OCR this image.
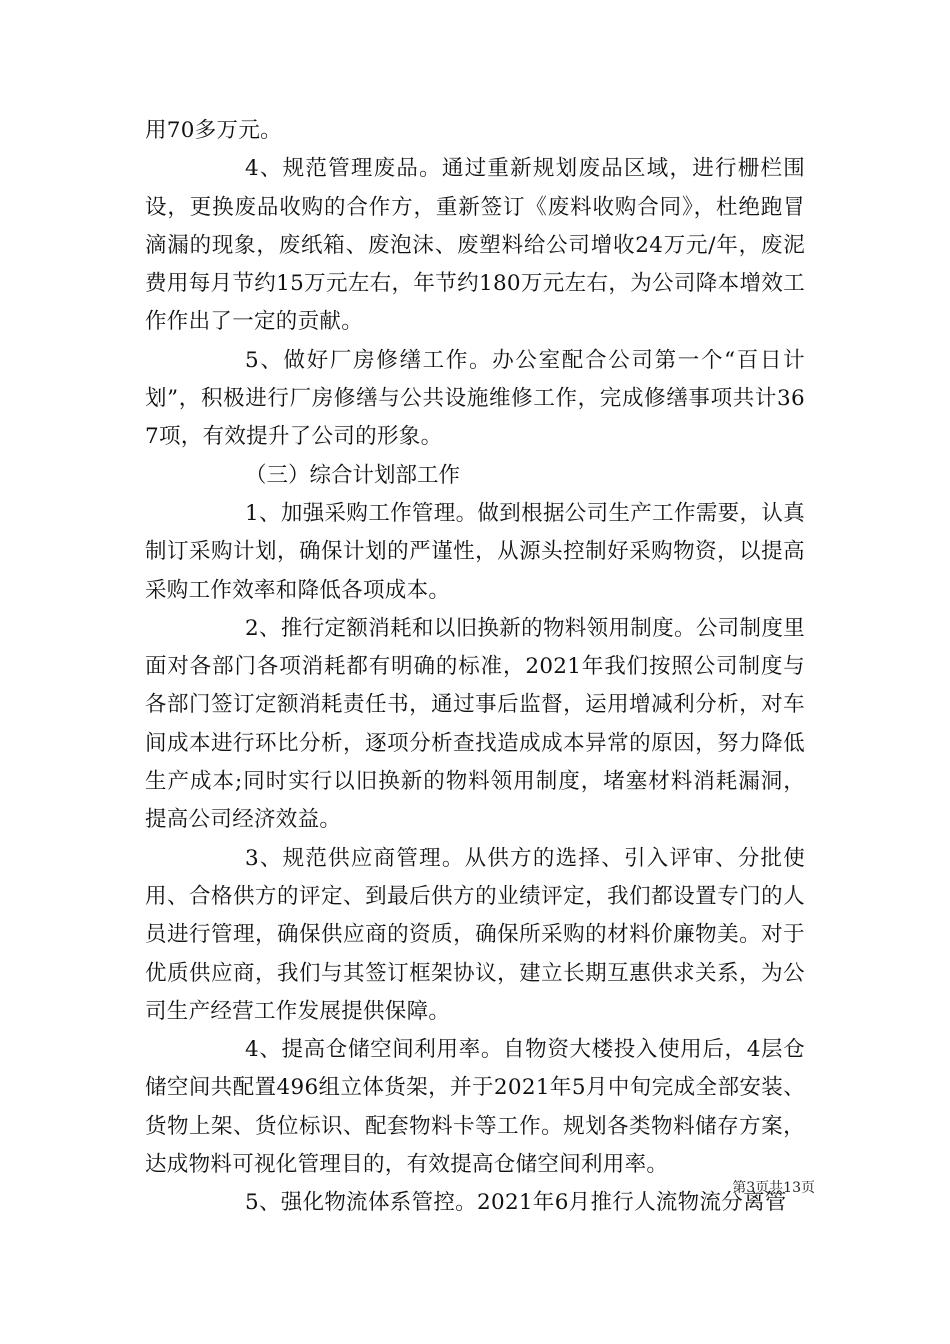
用70多万元。

4、规范管理废品。通过重新规划废品区域，进行栅栏围设，更换废品收购的合作方，重新签订《废料收购合同》，杜绝跑冒滴漏的现象，废纸箱、废泡沫、废塑料给公司增收24万元/年，废泥费用每月节约15万元左右，年节约180万元左右，为公司降本增效工作作出了一定的贡献。

5、做好厂房修缮工作。办公室配合公司第一个“百日计划”，积极进行厂房修缮与公共设施维修工作，完成修缮事项共计367项，有效提升了公司的形象。

（三）综合计划部工作

1、加强采购工作管理。做到根据公司生产工作需要，认真制订采购计划，确保计划的严谨性，从源头控制好采购物资，以提高采购工作效率和降低各项成本。

2、推行定额消耗和以旧换新的物料领用制度。公司制度里面对各部门各项消耗都有明确的标准，2021年我们按照公司制度与各部门签订定额消耗责任书，通过事后监督，运用增减利分析，对车间成本进行环比分析，逐项分析查找造成成本异常的原因，努力降低生产成本;同时实行以旧换新的物料领用制度，堵塞材料消耗漏洞，提高公司经济效益。

3、规范供应商管理。从供方的选择、引入评审、分批使用、合格供方的评定、到最后供方的业绩评定，我们都设置专门的人员进行管理，确保供应商的资质，确保所采购的材料价廉物美。对于优质供应商，我们与其签订框架协议，建立长期互惠供求关系，为公司生产经营工作发展提供保障。

4、提高仓储空间利用率。自物资大楼投入使用后，4层仓储空间共配置496组立体货架，并于2021年5月中旬完成全部安装、货物上架、货位标识、配套物料卡等工作。规划各类物料储存方案，达成物料可视化管理目的，有效提高仓储空间利用率。

5、强化物流体系管控。2021年6月推行人流物流分离管

第3页共13页
